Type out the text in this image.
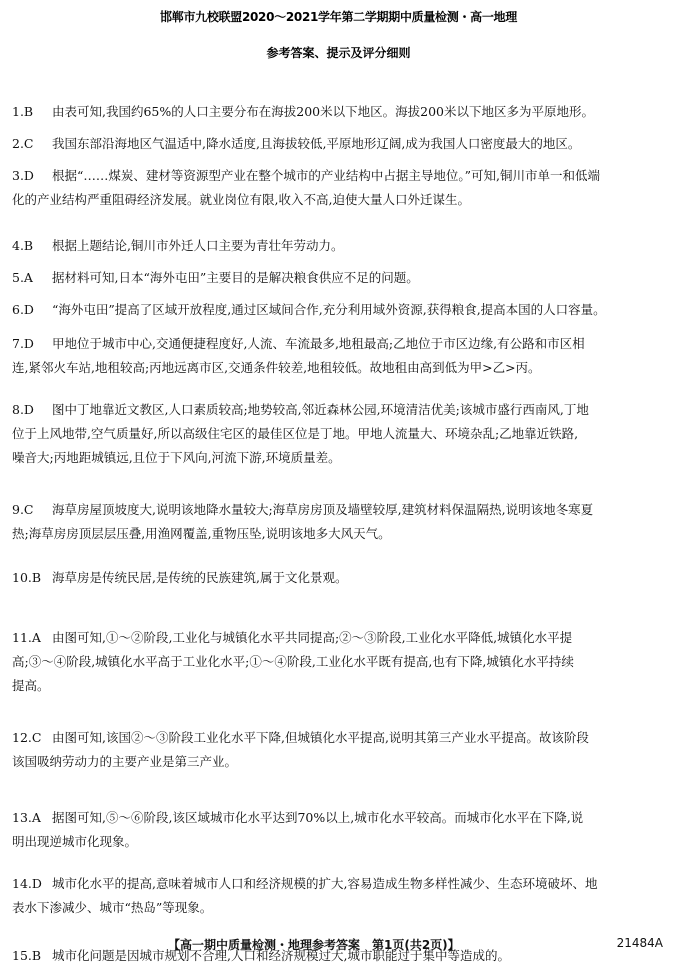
邯郸市九校联盟2020～2021学年第二学期期中质量检测・高一地理
参考答案、提示及评分细则
1.B 由表可知,我国约65%的人口主要分布在海拔200米以下地区。海拔200米以下地区多为平原地形。
2.C 我国东部沿海地区气温适中,降水适度,且海拔较低,平原地形辽阔,成为我国人口密度最大的地区。
3.D 根据“……煤炭、建材等资源型产业在整个城市的产业结构中占据主导地位。”可知,铜川市单一和低端
化的产业结构严重阻碍经济发展。就业岗位有限,收入不高,迫使大量人口外迁谋生。
4.B 根据上题结论,铜川市外迁人口主要为青壮年劳动力。
5.A 据材料可知,日本“海外屯田”主要目的是解决粮食供应不足的问题。
6.D “海外屯田”提高了区域开放程度,通过区域间合作,充分利用域外资源,获得粮食,提高本国的人口容量。
7.D 甲地位于城市中心,交通便捷程度好,人流、车流最多,地租最高;乙地位于市区边缘,有公路和市区相
连,紧邻火车站,地租较高;丙地远离市区,交通条件较差,地租较低。故地租由高到低为甲>乙>丙。
8.D 图中丁地靠近文教区,人口素质较高;地势较高,邻近森林公园,环境清洁优美;该城市盛行西南风,丁地
位于上风地带,空气质量好,所以高级住宅区的最佳区位是丁地。甲地人流量大、环境杂乱;乙地靠近铁路,
噪音大;丙地距城镇远,且位于下风向,河流下游,环境质量差。
9.C 海草房屋顶坡度大,说明该地降水量较大;海草房房顶及墙壁较厚,建筑材料保温隔热,说明该地冬寒夏
热;海草房房顶层层压叠,用渔网覆盖,重物压坠,说明该地多大风天气。
10.B 海草房是传统民居,是传统的民族建筑,属于文化景观。
11.A 由图可知,①～②阶段,工业化与城镇化水平共同提高;②～③阶段,工业化水平降低,城镇化水平提
高;③～④阶段,城镇化水平高于工业化水平;①～④阶段,工业化水平既有提高,也有下降,城镇化水平持续
提高。
12.C 由图可知,该国②～③阶段工业化水平下降,但城镇化水平提高,说明其第三产业水平提高。故该阶段
该国吸纳劳动力的主要产业是第三产业。
13.A 据图可知,⑤～⑥阶段,该区域城市化水平达到70%以上,城市化水平较高。而城市化水平在下降,说
明出现逆城市化现象。
14.D 城市化水平的提高,意味着城市人口和经济规模的扩大,容易造成生物多样性减少、生态环境破坏、地
表水下渗减少、城市“热岛”等现象。
15.B 城市化问题是因城市规划不合理,人口和经济规模过大,城市职能过于集中等造成的。
【高一期中质量检测・地理参考答案　第1页(共2页)】	21484A
